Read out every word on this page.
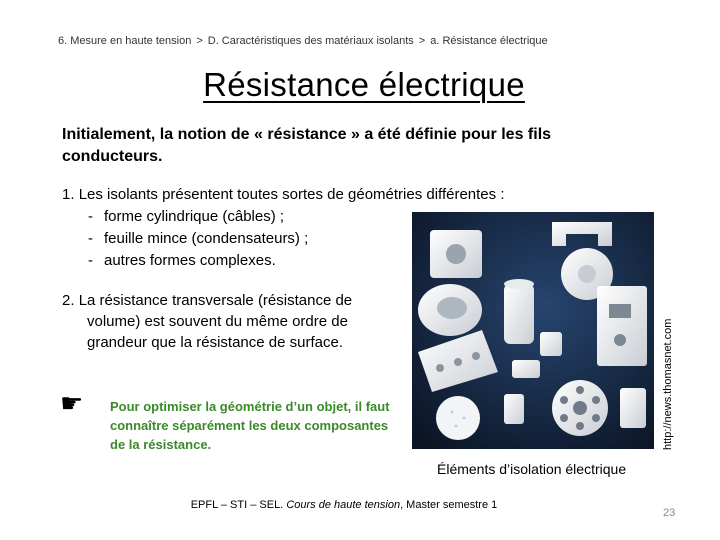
6. Mesure en haute tension > D. Caractéristiques des matériaux isolants > a. Résistance électrique
Résistance électrique
Initialement, la notion de « résistance » a été définie pour les fils conducteurs.
1. Les isolants présentent toutes sortes de géométries différentes :
- forme cylindrique (câbles) ;
- feuille mince (condensateurs) ;
- autres formes complexes.
2. La résistance transversale (résistance de
volume) est souvent du même ordre de
grandeur que la résistance de surface.
☛ Pour optimiser la géométrie d’un objet, il faut connaître séparément les deux composantes de la résistance.	http://news.thomasnet.com
Éléments d’isolation électrique
EPFL – STI – SEL. Cours de haute tension, Master semestre 1
23
